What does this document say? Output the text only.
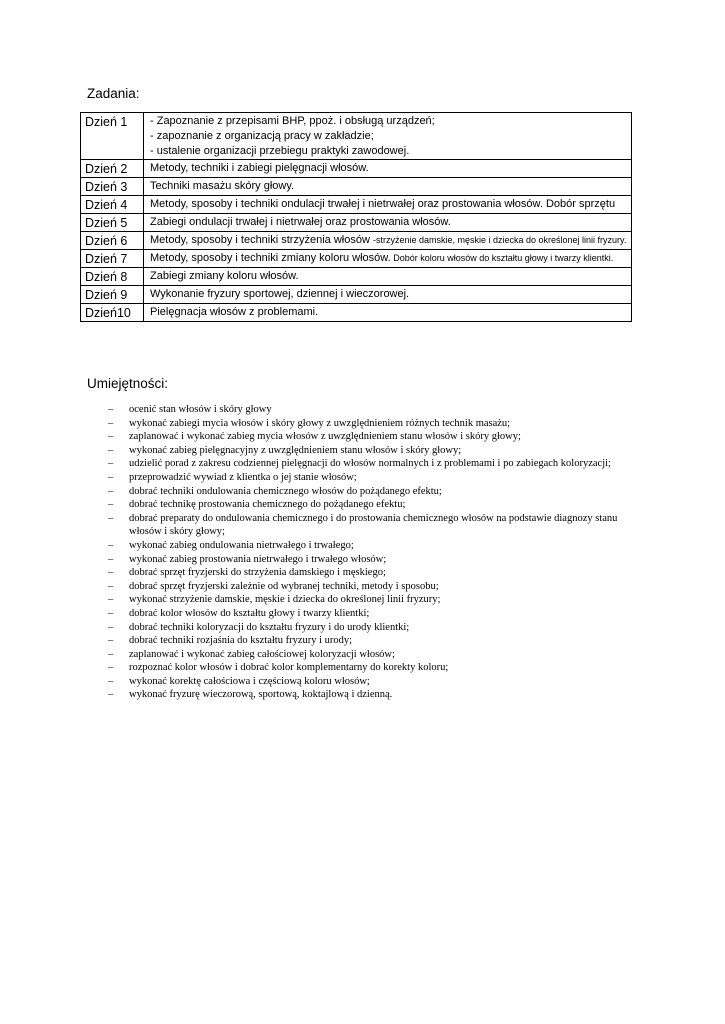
Zadania:
Dzień 1	- Zapoznanie z przepisami BHP, ppoż. i obsługą urządzeń;
- zapoznanie z organizacją pracy w zakładzie;
- ustalenie organizacji przebiegu praktyki zawodowej.

Dzień 2	Metody, techniki i zabiegi pielęgnacji włosów.
Dzień 3	Techniki masażu skóry głowy.
Dzień 4	Metody, sposoby i techniki ondulacji trwałej i nietrwałej oraz prostowania włosów. Dobór sprzętu
Dzień 5	Zabiegi ondulacji trwałej i nietrwałej oraz prostowania włosów.
Dzień 6	Metody, sposoby i techniki strzyżenia włosów -strzyżenie damskie, męskie i dziecka do określonej linii fryzury.
Dzień 7	Metody, sposoby i techniki zmiany koloru włosów. Dobór koloru włosów do kształtu głowy i twarzy klientki.
Dzień 8	Zabiegi zmiany koloru włosów.
Dzień 9	Wykonanie fryzury sportowej, dziennej i wieczorowej.
Dzień10	Pielęgnacja włosów z problemami.
Umiejętności:
– ocenić stan włosów i skóry głowy
– wykonać zabiegi mycia włosów i skóry głowy z uwzględnieniem różnych technik masażu;
– zaplanować i wykonać zabieg mycia włosów z uwzględnieniem stanu włosów i skóry głowy;
– wykonać zabieg pielęgnacyjny z uwzględnieniem stanu włosów i skóry głowy;
– udzielić porad z zakresu codziennej pielęgnacji do włosów normalnych i z problemami i po zabiegach koloryzacji;
– przeprowadzić wywiad z klientka o jej stanie włosów;
– dobrać techniki ondulowania chemicznego włosów do pożądanego efektu;
– dobrać technikę prostowania chemicznego do pożądanego efektu;
– dobrać preparaty do ondulowania chemicznego i do prostowania chemicznego włosów na podstawie diagnozy stanu włosów i skóry głowy;
– wykonać zabieg ondulowania nietrwałego i trwałego;
– wykonać zabieg prostowania nietrwałego i trwałego włosów;
– dobrać sprzęt fryzjerski do strzyżenia damskiego i męskiego;
– dobrać sprzęt fryzjerski zależnie od wybranej techniki, metody i sposobu;
– wykonać strzyżenie damskie, męskie i dziecka do określonej linii fryzury;
– dobrać kolor włosów do kształtu głowy i twarzy klientki;
– dobrać techniki koloryzacji do kształtu fryzury i do urody klientki;
– dobrać techniki rozjaśnia do kształtu fryzury i urody;
– zaplanować i wykonać zabieg całościowej koloryzacji włosów;
– rozpoznać kolor włosów i dobrać kolor komplementarny do korekty koloru;
– wykonać korektę całościowa i częściową koloru włosów;
– wykonać fryzurę wieczorową, sportową, koktajlową i dzienną.
